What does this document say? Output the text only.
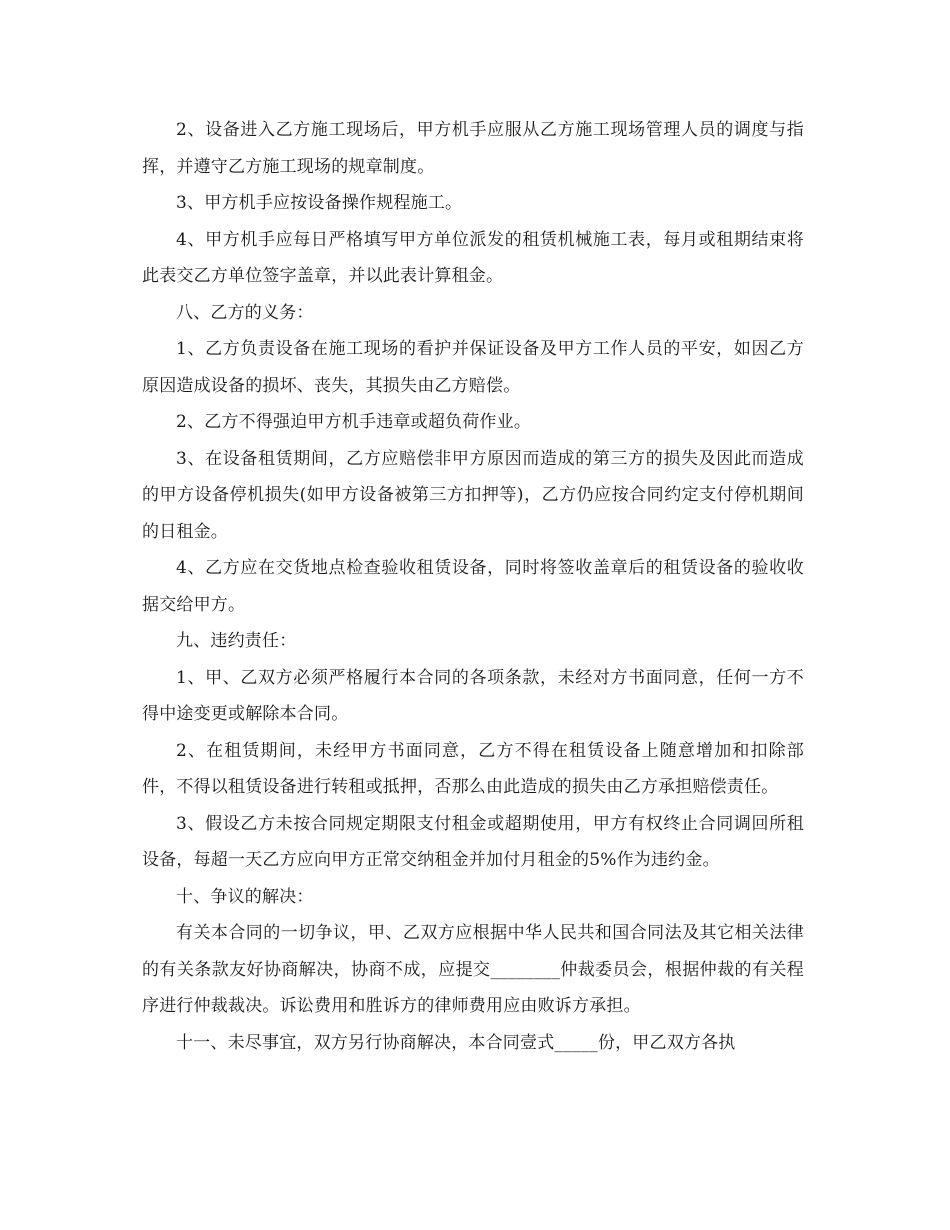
2、设备进入乙方施工现场后，甲方机手应服从乙方施工现场管理人员的调度与指挥，并遵守乙方施工现场的规章制度。

3、甲方机手应按设备操作规程施工。

4、甲方机手应每日严格填写甲方单位派发的租赁机械施工表，每月或租期结束将此表交乙方单位签字盖章，并以此表计算租金。

八、乙方的义务：

1、乙方负责设备在施工现场的看护并保证设备及甲方工作人员的平安，如因乙方原因造成设备的损坏、丧失，其损失由乙方赔偿。

2、乙方不得强迫甲方机手违章或超负荷作业。

3、在设备租赁期间，乙方应赔偿非甲方原因而造成的第三方的损失及因此而造成的甲方设备停机损失(如甲方设备被第三方扣押等)，乙方仍应按合同约定支付停机期间的日租金。

4、乙方应在交货地点检查验收租赁设备，同时将签收盖章后的租赁设备的验收收据交给甲方。

九、违约责任：

1、甲、乙双方必须严格履行本合同的各项条款，未经对方书面同意，任何一方不得中途变更或解除本合同。

2、在租赁期间，未经甲方书面同意，乙方不得在租赁设备上随意增加和扣除部件，不得以租赁设备进行转租或抵押，否那么由此造成的损失由乙方承担赔偿责任。

3、假设乙方未按合同规定期限支付租金或超期使用，甲方有权终止合同调回所租设备，每超一天乙方应向甲方正常交纳租金并加付月租金的5%作为违约金。

十、争议的解决：

有关本合同的一切争议，甲、乙双方应根据中华人民共和国合同法及其它相关法律的有关条款友好协商解决，协商不成，应提交________仲裁委员会，根据仲裁的有关程序进行仲裁裁决。诉讼费用和胜诉方的律师费用应由败诉方承担。

十一、未尽事宜，双方另行协商解决，本合同壹式_____份，甲乙双方各执
